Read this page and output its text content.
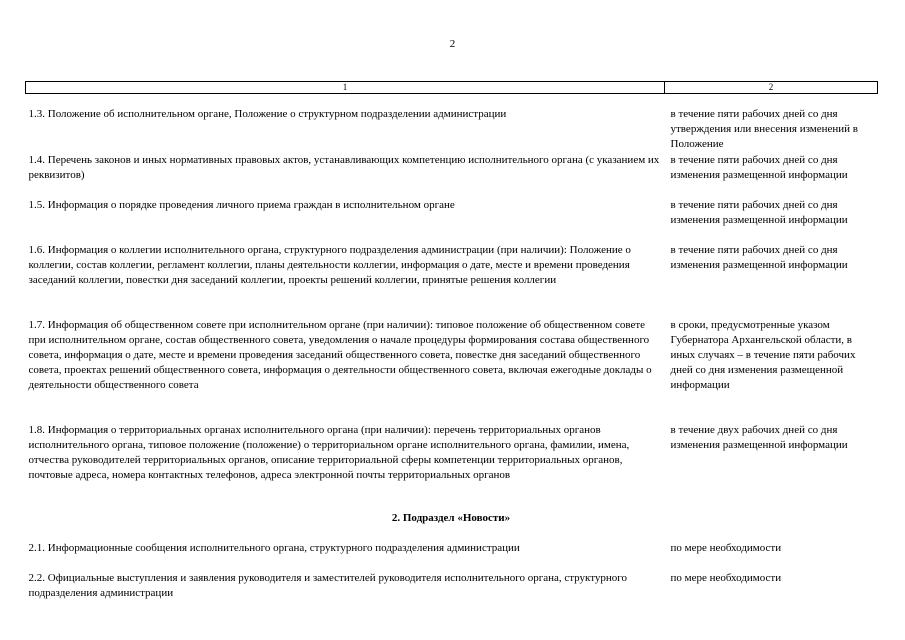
2
1	2
1.3. Положение об исполнительном органе, Положение о структурном подразделении администрации	в течение пяти рабочих дней со дня утверждения или внесения изменений в Положение
1.4. Перечень законов и иных нормативных правовых актов, устанавливающих компетенцию исполнительного органа (с указанием их реквизитов)	в течение пяти рабочих дней со дня изменения размещенной информации
1.5. Информация о порядке проведения личного приема граждан в исполнительном органе	в течение пяти рабочих дней со дня изменения размещенной информации
1.6. Информация о коллегии исполнительного органа, структурного подразделения администрации (при наличии): Положение о коллегии, состав коллегии, регламент коллегии, планы деятельности коллегии, информация о дате, месте и времени проведения заседаний коллегии, повестки дня заседаний коллегии, проекты решений коллегии, принятые решения коллегии	в течение пяти рабочих дней со дня изменения размещенной информации
1.7. Информация об общественном совете при исполнительном органе (при наличии): типовое положение об общественном совете при исполнительном органе, состав общественного совета, уведомления о начале процедуры формирования состава общественного совета, информация о дате, месте и времени проведения заседаний общественного совета, повестке дня заседаний общественного совета, проектах решений общественного совета, информация о деятельности общественного совета, включая ежегодные доклады о деятельности общественного совета	в сроки, предусмотренные указом Губернатора Архангельской области, в иных случаях – в течение пяти рабочих дней со дня изменения размещенной информации
1.8. Информация о территориальных органах исполнительного органа (при наличии): перечень территориальных органов исполнительного органа, типовое положение (положение) о территориальном органе исполнительного органа, фамилии, имена, отчества руководителей территориальных органов, описание территориальной сферы компетенции территориальных органов, почтовые адреса, номера контактных телефонов, адреса электронной почты территориальных органов	в течение двух рабочих дней со дня изменения размещенной информации
2. Подраздел «Новости»	
2.1. Информационные сообщения исполнительного органа, структурного подразделения администрации	по мере необходимости
2.2. Официальные выступления и заявления руководителя и заместителей руководителя исполнительного органа, структурного подразделения администрации	по мере необходимости
